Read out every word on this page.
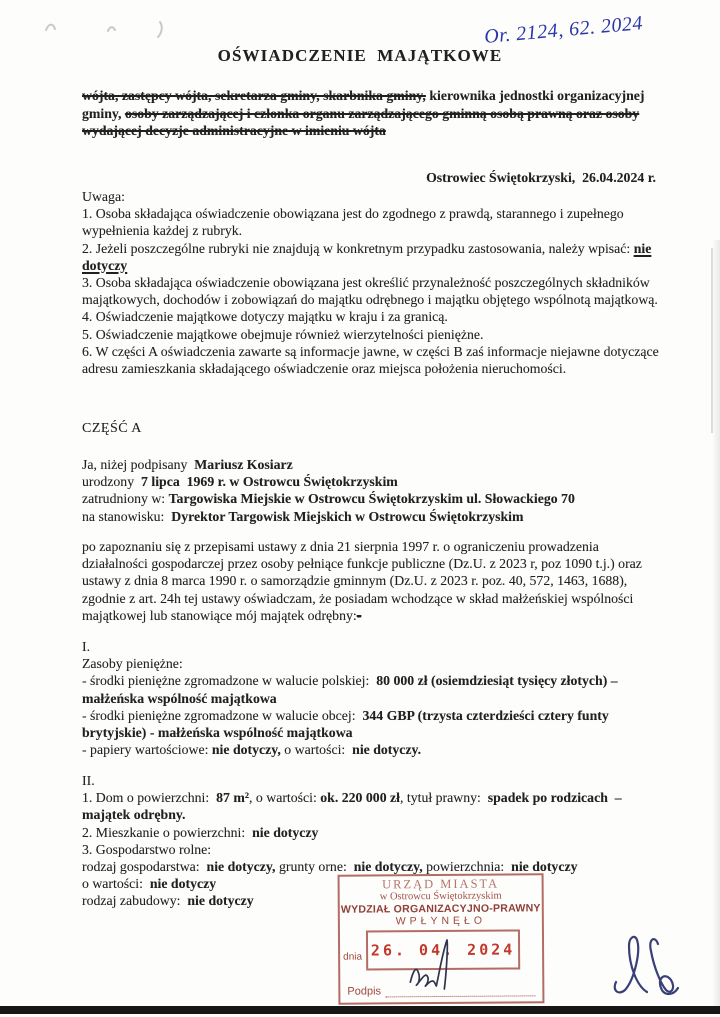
Or. 2124, 62. 2024
OŚWIADCZENIE MAJĄTKOWE
wójta, zastępcy wójta, sekretarza gminy, skarbnika gminy, kierownika jednostki organizacyjnej gminy, osoby zarządzającej i członka organu zarządzającego gminną osobą prawną oraz osoby wydającej decyzje administracyjne w imieniu wójta
Ostrowiec Świętokrzyski,  26.04.2024 r.
Uwaga:
1. Osoba składająca oświadczenie obowiązana jest do zgodnego z prawdą, starannego i zupełnego wypełnienia każdej z rubryk.
2. Jeżeli poszczególne rubryki nie znajdują w konkretnym przypadku zastosowania, należy wpisać: nie dotyczy
3. Osoba składająca oświadczenie obowiązana jest określić przynależność poszczególnych składników majątkowych, dochodów i zobowiązań do majątku odrębnego i majątku objętego wspólnotą majątkową.
4. Oświadczenie majątkowe dotyczy majątku w kraju i za granicą.
5. Oświadczenie majątkowe obejmuje również wierzytelności pieniężne.
6. W części A oświadczenia zawarte są informacje jawne, w części B zaś informacje niejawne dotyczące adresu zamieszkania składającego oświadczenie oraz miejsca położenia nieruchomości.
CZĘŚĆ A
Ja, niżej podpisany  Mariusz Kosiarz
urodzony  7 lipca  1969 r. w Ostrowcu Świętokrzyskim
zatrudniony w: Targowiska Miejskie w Ostrowcu Świętokrzyskim ul. Słowackiego 70
na stanowisku:  Dyrektor Targowisk Miejskich w Ostrowcu Świętokrzyskim
po zapoznaniu się z przepisami ustawy z dnia 21 sierpnia 1997 r. o ograniczeniu prowadzenia działalności gospodarczej przez osoby pełniące funkcje publiczne (Dz.U. z 2023 r, poz 1090 t.j.) oraz ustawy z dnia 8 marca 1990 r. o samorządzie gminnym (Dz.U. z 2023 r. poz. 40, 572, 1463, 1688), zgodnie z art. 24h tej ustawy oświadczam, że posiadam wchodzące w skład małżeńskiej wspólności majątkowej lub stanowiące mój majątek odrębny:-
I.
Zasoby pieniężne:
- środki pieniężne zgromadzone w walucie polskiej:  80 000 zł (osiemdziesiąt tysięcy złotych) – małżeńska wspólność majątkowa
- środki pieniężne zgromadzone w walucie obcej:  344 GBP (trzysta czterdzieści cztery funty brytyjskie) - małżeńska wspólność majątkowa
- papiery wartościowe: nie dotyczy, o wartości:  nie dotyczy.
II.
1. Dom o powierzchni:  87 m², o wartości: ok. 220 000 zł, tytuł prawny:  spadek po rodzicach  – majątek odrębny.
2. Mieszkanie o powierzchni:  nie dotyczy
3. Gospodarstwo rolne:
rodzaj gospodarstwa:  nie dotyczy, grunty orne:  nie dotyczy, powierzchnia:  nie dotyczy
o wartości:  nie dotyczy
rodzaj zabudowy:  nie dotyczy
URZĄD MIASTA
w Ostrowcu Świętokrzyskim
WYDZIAŁ ORGANIZACYJNO-PRAWNY
WPŁYNĘŁO
dnia 26. 04. 2024
Podpis
